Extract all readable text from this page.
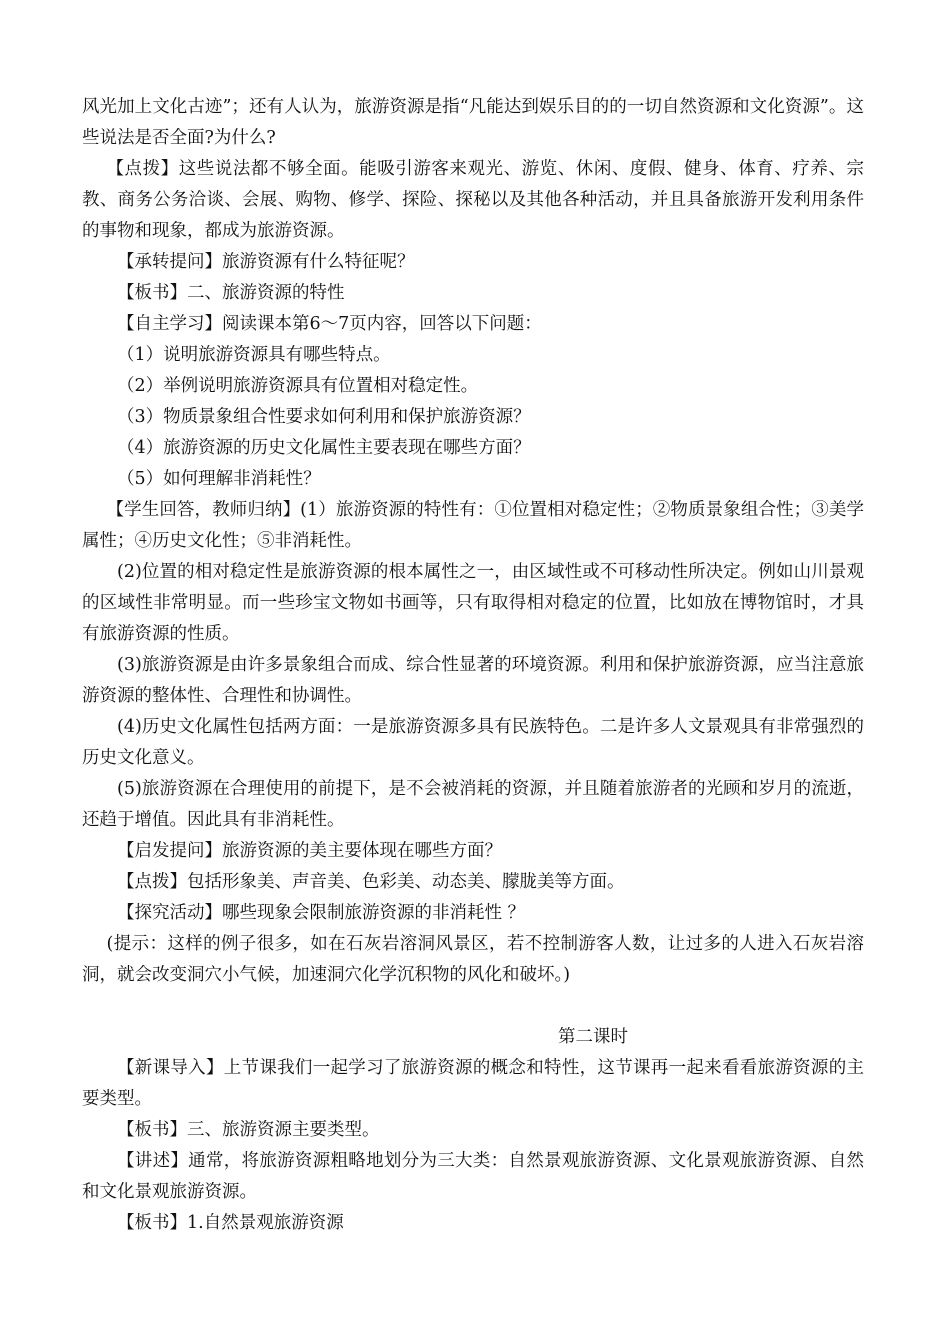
风光加上文化古迹”；还有人认为，旅游资源是指“凡能达到娱乐目的的一切自然资源和文化资源”。这些说法是否全面?为什么?

【点拨】这些说法都不够全面。能吸引游客来观光、游览、休闲、度假、健身、体育、疗养、宗教、商务公务洽谈、会展、购物、修学、探险、探秘以及其他各种活动，并且具备旅游开发利用条件的事物和现象，都成为旅游资源。

【承转提问】旅游资源有什么特征呢？

【板书】二、旅游资源的特性

【自主学习】阅读课本第6～7页内容，回答以下问题：

（1）说明旅游资源具有哪些特点。

（2）举例说明旅游资源具有位置相对稳定性。

（3）物质景象组合性要求如何利用和保护旅游资源？

（4）旅游资源的历史文化属性主要表现在哪些方面？

（5）如何理解非消耗性？

【学生回答，教师归纳】(1）旅游资源的特性有：①位置相对稳定性；②物质景象组合性；③美学属性；④历史文化性；⑤非消耗性。

(2)位置的相对稳定性是旅游资源的根本属性之一，由区域性或不可移动性所决定。例如山川景观的区域性非常明显。而一些珍宝文物如书画等，只有取得相对稳定的位置，比如放在博物馆时，才具有旅游资源的性质。

(3)旅游资源是由许多景象组合而成、综合性显著的环境资源。利用和保护旅游资源，应当注意旅游资源的整体性、合理性和协调性。

(4)历史文化属性包括两方面：一是旅游资源多具有民族特色。二是许多人文景观具有非常强烈的历史文化意义。

(5)旅游资源在合理使用的前提下，是不会被消耗的资源，并且随着旅游者的光顾和岁月的流逝，还趋于增值。因此具有非消耗性。

【启发提问】旅游资源的美主要体现在哪些方面？

【点拨】包括形象美、声音美、色彩美、动态美、朦胧美等方面。

【探究活动】哪些现象会限制旅游资源的非消耗性 ？

(提示：这样的例子很多，如在石灰岩溶洞风景区，若不控制游客人数，让过多的人进入石灰岩溶洞，就会改变洞穴小气候，加速洞穴化学沉积物的风化和破坏。)

第二课时

【新课导入】上节课我们一起学习了旅游资源的概念和特性，这节课再一起来看看旅游资源的主要类型。

【板书】三、旅游资源主要类型。

【讲述】通常，将旅游资源粗略地划分为三大类：自然景观旅游资源、文化景观旅游资源、自然和文化景观旅游资源。

【板书】1.自然景观旅游资源
